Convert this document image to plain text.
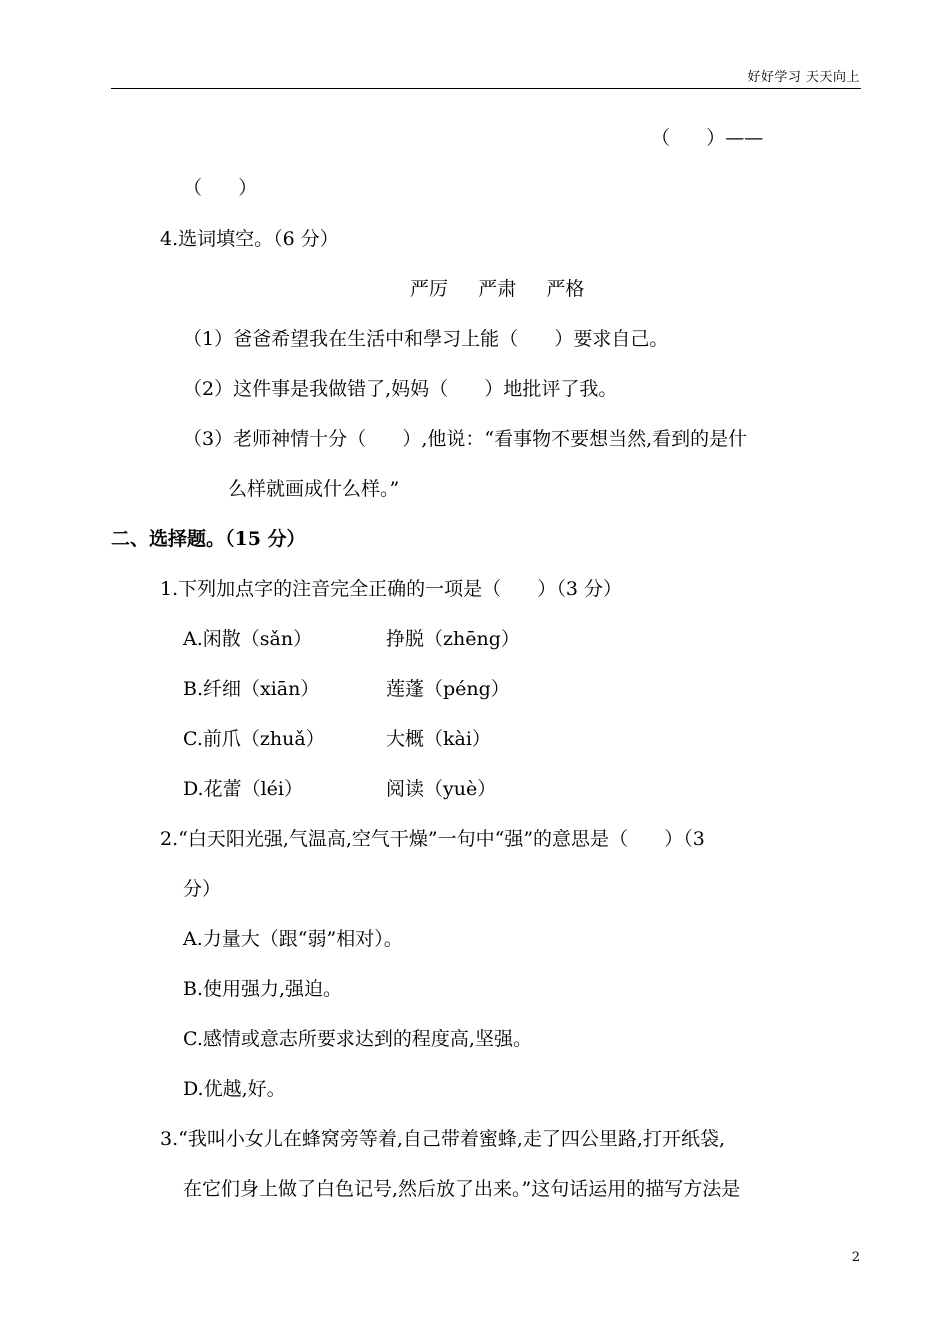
好好学习 天天向上
（      ）——
（      ）
4.选词填空。（6 分）
严厉     严肃     严格
（1）爸爸希望我在生活中和學习上能（      ）要求自己。
（2）这件事是我做错了,妈妈（      ）地批评了我。
（3）老师神情十分（      ）,他说：“看事物不要想当然,看到的是什
么样就画成什么样。”
二、选择题。（15 分）
1.下列加点字的注音完全正确的一项是（      ）（3 分）
A.闲散（sǎn）	挣脱（zhēng）
B.纤细（xiān）	莲蓬（péng）
C.前爪（zhuǎ）	大概（kài）
D.花蕾（léi）	阅读（yuè）
2.“白天阳光强,气温高,空气干燥”一句中“强”的意思是（      ）（3
分）
A.力量大（跟“弱”相对）。
B.使用强力,强迫。
C.感情或意志所要求达到的程度高,坚强。
D.优越,好。
3.“我叫小女儿在蜂窝旁等着,自己带着蜜蜂,走了四公里路,打开纸袋,
在它们身上做了白色记号,然后放了出来。”这句话运用的描写方法是
2
